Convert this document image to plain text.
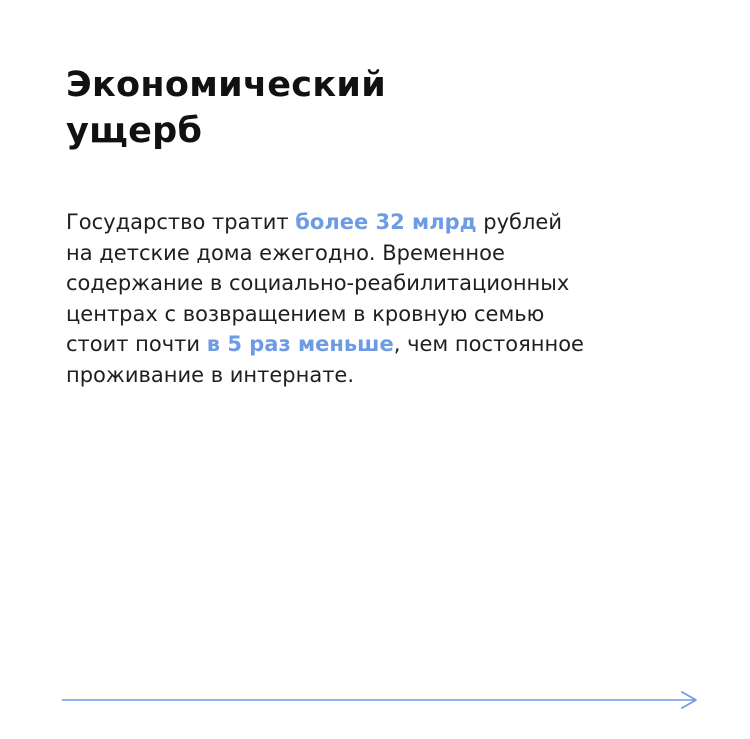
Экономический
ущерб

Государство тратит более 32 млрд рублей
на детские дома ежегодно. Временное
содержание в социально-реабилитационных
центрах с возвращением в кровную семью
стоит почти в 5 раз меньше, чем постоянное
проживание в интернате.
